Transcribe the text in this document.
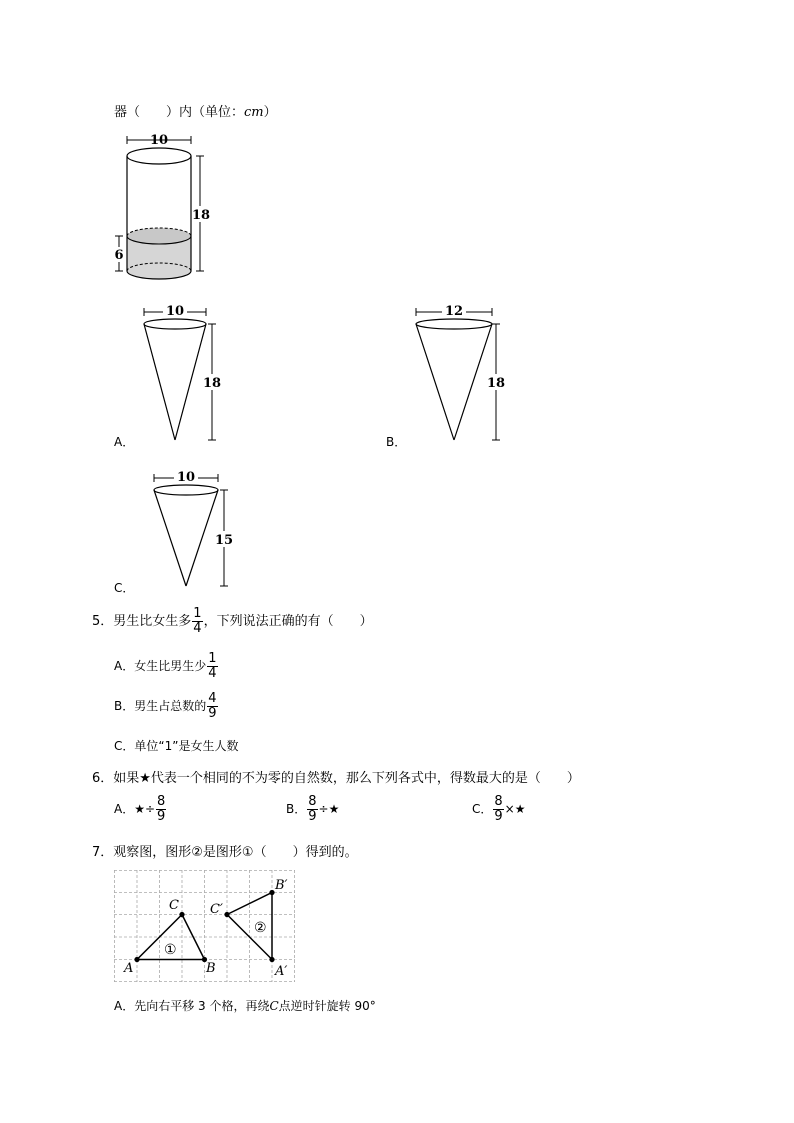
器（　　）内（单位：cm）
10
18
6
A．
10
18
B．
12
18
C．
10
15
5．男生比女生多 $\frac{1}{4}$ ，下列说法正确的有（　　）
A．女生比男生少 $\frac{1}{4}$
B．男生占总数的 $\frac{4}{9}$
C．单位“1”是女生人数
6．如果★代表一个相同的不为零的自然数，那么下列各式中，得数最大的是（　　）
A．★÷ $\frac{8}{9}$	B． $\frac{8}{9}$ ÷★	C． $\frac{8}{9}$ ×★
7．观察图，图形②是图形①（　　）得到的。
A	B
C
①
C′
B′
A′
②
A．先向右平移 3 个格，再绕C点逆时针旋转 90°
